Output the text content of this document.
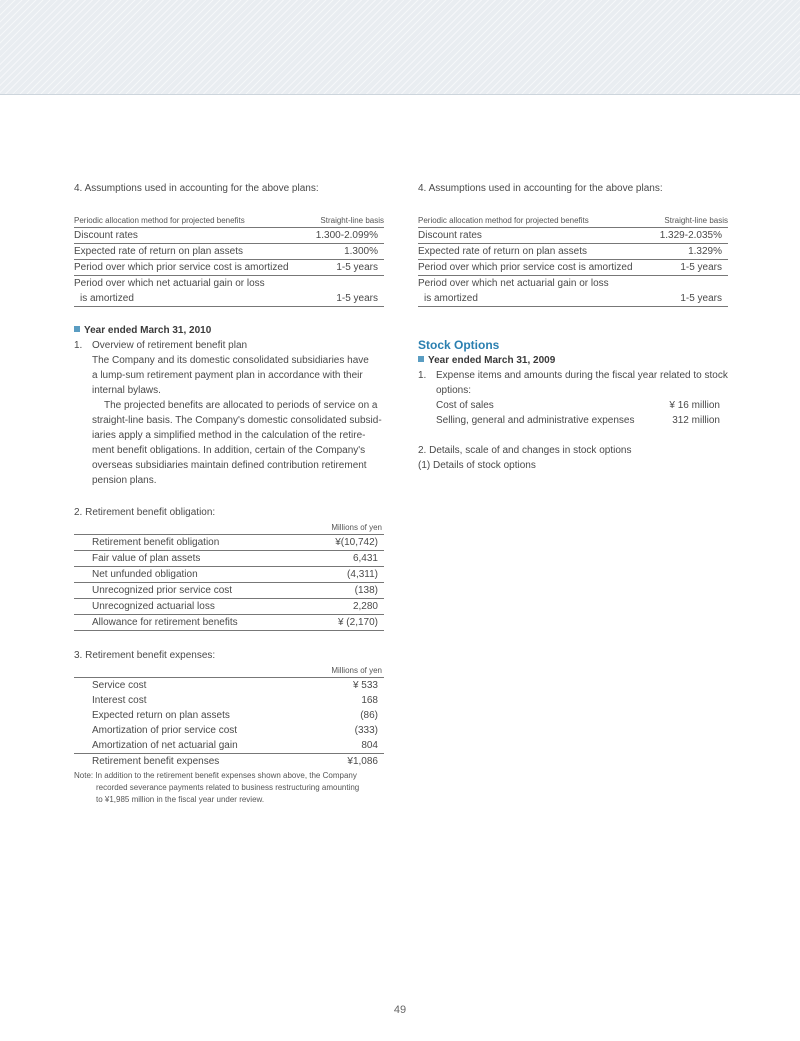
4. Assumptions used in accounting for the above plans:
Periodic allocation method for projected benefits	Straight-line basis
Discount rates	1.300-2.099%
Expected rate of return on plan assets	1.300%
Period over which prior service cost is amortized	1-5 years
Period over which net actuarial gain or loss	
is amortized	1-5 years
Year ended March 31, 2010
1. Overview of retirement benefit plan
The Company and its domestic consolidated subsidiaries have
a lump-sum retirement payment plan in accordance with their
internal bylaws.
The projected benefits are allocated to periods of service on a
straight-line basis. The Company's domestic consolidated subsid-
iaries apply a simplified method in the calculation of the retire-
ment benefit obligations. In addition, certain of the Company's
overseas subsidiaries maintain defined contribution retirement
pension plans.
2. Retirement benefit obligation:
Millions of yen
Retirement benefit obligation	¥(10,742)
Fair value of plan assets	6,431
Net unfunded obligation	(4,311)
Unrecognized prior service cost	(138)
Unrecognized actuarial loss	2,280
Allowance for retirement benefits	¥ (2,170)
3. Retirement benefit expenses:
Millions of yen
Service cost	¥ 533
Interest cost	168
Expected return on plan assets	(86)
Amortization of prior service cost	(333)
Amortization of net actuarial gain	804
Retirement benefit expenses	¥1,086
Note: In addition to the retirement benefit expenses shown above, the Company
recorded severance payments related to business restructuring amounting
to ¥1,985 million in the fiscal year under review.
4. Assumptions used in accounting for the above plans:
Periodic allocation method for projected benefits	Straight-line basis
Discount rates	1.329-2.035%
Expected rate of return on plan assets	1.329%
Period over which prior service cost is amortized	1-5 years
Period over which net actuarial gain or loss	
is amortized	1-5 years
Stock Options
Year ended March 31, 2009
1. Expense items and amounts during the fiscal year related to stock
options:
Cost of sales	¥ 16 million
Selling, general and administrative expenses	312 million
2. Details, scale of and changes in stock options
(1) Details of stock options
49
